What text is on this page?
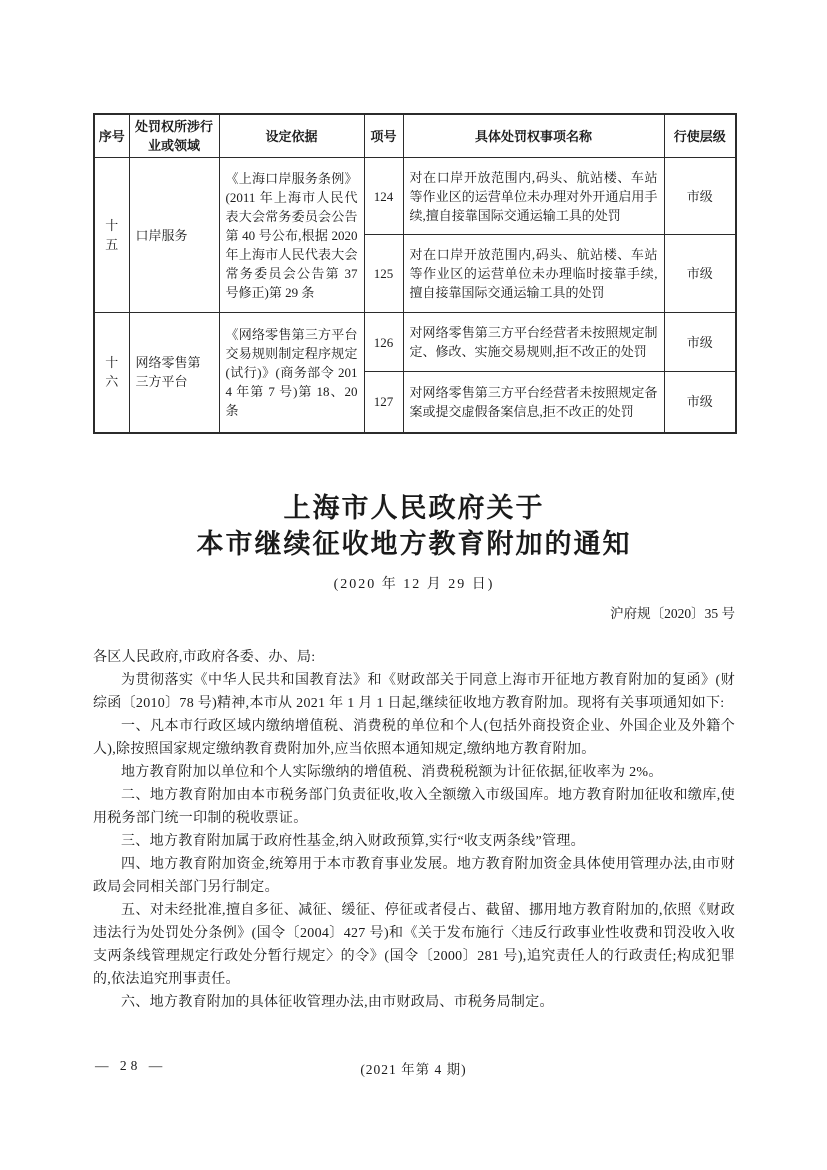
序号	处罚权所涉行业或领域	设定依据	项号	具体处罚权事项名称	行使层级
十五	口岸服务	《上海口岸服务条例》(2011 年上海市人民代表大会常务委员会公告第 40 号公布,根据 2020 年上海市人民代表大会常务委员会公告第 37 号修正)第 29 条	124	对在口岸开放范围内,码头、航站楼、车站等作业区的运营单位未办理对外开通启用手续,擅自接靠国际交通运输工具的处罚	市级
			125	对在口岸开放范围内,码头、航站楼、车站等作业区的运营单位未办理临时接靠手续,擅自接靠国际交通运输工具的处罚	市级
十六	网络零售第三方平台	《网络零售第三方平台交易规则制定程序规定(试行)》(商务部令 2014 年第 7 号)第 18、20 条	126	对网络零售第三方平台经营者未按照规定制定、修改、实施交易规则,拒不改正的处罚	市级
			127	对网络零售第三方平台经营者未按照规定备案或提交虚假备案信息,拒不改正的处罚	市级
上海市人民政府关于
本市继续征收地方教育附加的通知
(2020 年 12 月 29 日)
沪府规〔2020〕35 号

各区人民政府,市政府各委、办、局:

为贯彻落实《中华人民共和国教育法》和《财政部关于同意上海市开征地方教育附加的复函》(财综函〔2010〕78 号)精神,本市从 2021 年 1 月 1 日起,继续征收地方教育附加。现将有关事项通知如下:

一、凡本市行政区域内缴纳增值税、消费税的单位和个人(包括外商投资企业、外国企业及外籍个人),除按照国家规定缴纳教育费附加外,应当依照本通知规定,缴纳地方教育附加。

地方教育附加以单位和个人实际缴纳的增值税、消费税税额为计征依据,征收率为 2%。

二、地方教育附加由本市税务部门负责征收,收入全额缴入市级国库。地方教育附加征收和缴库,使用税务部门统一印制的税收票证。

三、地方教育附加属于政府性基金,纳入财政预算,实行“收支两条线”管理。

四、地方教育附加资金,统筹用于本市教育事业发展。地方教育附加资金具体使用管理办法,由市财政局会同相关部门另行制定。

五、对未经批准,擅自多征、减征、缓征、停征或者侵占、截留、挪用地方教育附加的,依照《财政违法行为处罚处分条例》(国令〔2004〕427 号)和《关于发布施行〈违反行政事业性收费和罚没收入收支两条线管理规定行政处分暂行规定〉的令》(国令〔2000〕281 号),追究责任人的行政责任;构成犯罪的,依法追究刑事责任。

六、地方教育附加的具体征收管理办法,由市财政局、市税务局制定。

— 28 —	(2021 年第 4 期)
